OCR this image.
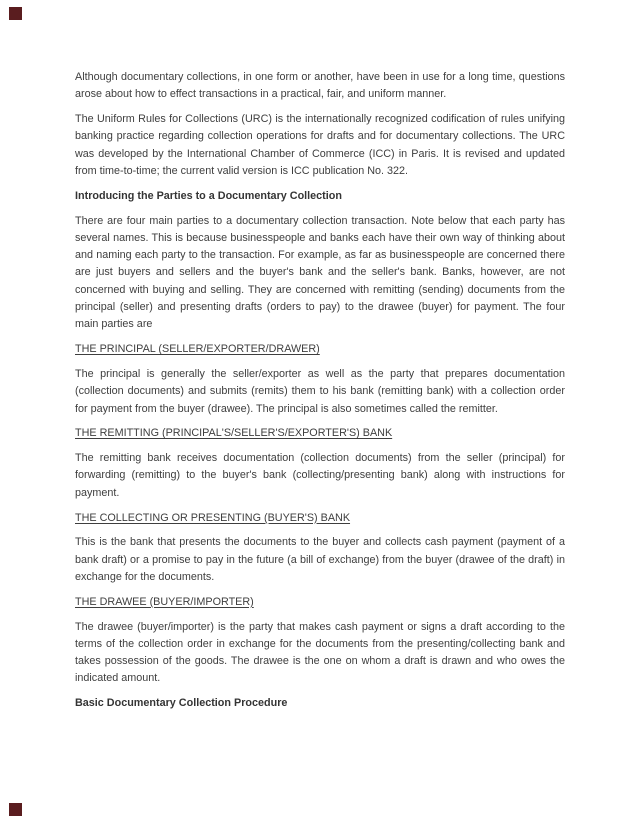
Although documentary collections, in one form or another, have been in use for a long time, questions arose about how to effect transactions in a practical, fair, and uniform manner.

The Uniform Rules for Collections (URC) is the internationally recognized codification of rules unifying banking practice regarding collection operations for drafts and for documentary collections. The URC was developed by the International Chamber of Commerce (ICC) in Paris. It is revised and updated from time-to-time; the current valid version is ICC publication No. 322.

Introducing the Parties to a Documentary Collection

There are four main parties to a documentary collection transaction. Note below that each party has several names. This is because businesspeople and banks each have their own way of thinking about and naming each party to the transaction. For example, as far as businesspeople are concerned there are just buyers and sellers and the buyer's bank and the seller's bank. Banks, however, are not concerned with buying and selling. They are concerned with remitting (sending) documents from the principal (seller) and presenting drafts (orders to pay) to the drawee (buyer) for payment. The four main parties are

THE PRINCIPAL (SELLER/EXPORTER/DRAWER)

The principal is generally the seller/exporter as well as the party that prepares documentation (collection documents) and submits (remits) them to his bank (remitting bank) with a collection order for payment from the buyer (drawee). The principal is also sometimes called the remitter.

THE REMITTING (PRINCIPAL'S/SELLER'S/EXPORTER'S) BANK

The remitting bank receives documentation (collection documents) from the seller (principal) for forwarding (remitting) to the buyer's bank (collecting/presenting bank) along with instructions for payment.

THE COLLECTING OR PRESENTING (BUYER'S) BANK

This is the bank that presents the documents to the buyer and collects cash payment (payment of a bank draft) or a promise to pay in the future (a bill of exchange) from the buyer (drawee of the draft) in exchange for the documents.

THE DRAWEE (BUYER/IMPORTER)

The drawee (buyer/importer) is the party that makes cash payment or signs a draft according to the terms of the collection order in exchange for the documents from the presenting/collecting bank and takes possession of the goods. The drawee is the one on whom a draft is drawn and who owes the indicated amount.

Basic Documentary Collection Procedure
